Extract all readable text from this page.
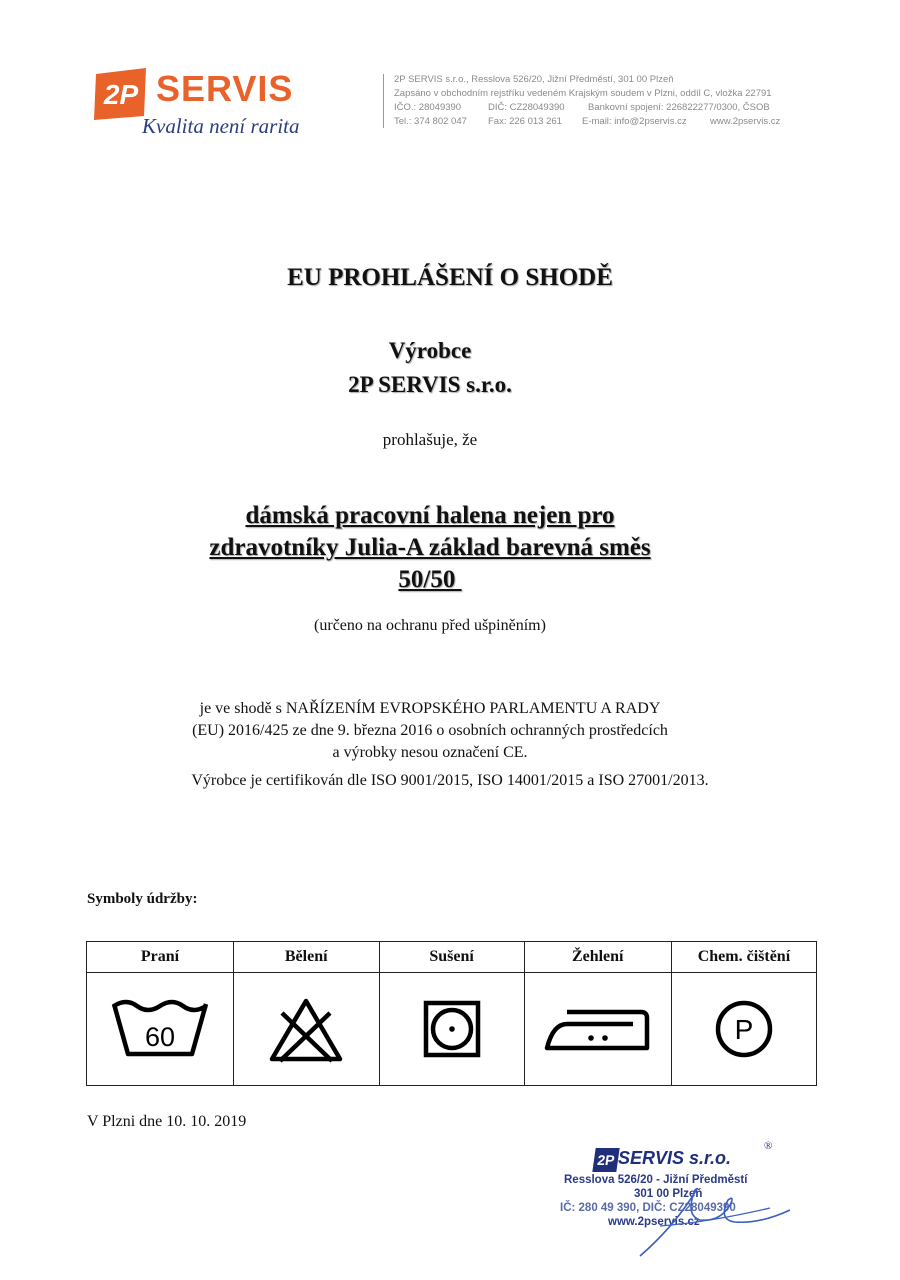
2P SERVIS
Kvalita není rarita
2P SERVIS s.r.o., Resslova 526/20, Jižní Předměstí, 301 00 Plzeň
Zapsáno v obchodním rejstříku vedeném Krajským soudem v Plzni, oddíl C, vložka 22791
IČO.: 28049390	DIČ: CZ28049390 Bankovní spojení: 226822277/0300, ČSOB
Tel.: 374 802 047 Fax: 226 013 261 E-mail: info@2pservis.cz www.2pservis.cz
EU PROHLÁŠENÍ O SHODĚ
Výrobce
2P SERVIS s.r.o.
prohlašuje, že
dámská pracovní halena nejen pro
zdravotníky Julia-A základ barevná směs
50/50
(určeno na ochranu před ušpiněním)
je ve shodě s NAŘÍZENÍM EVROPSKÉHO PARLAMENTU A RADY
(EU) 2016/425 ze dne 9. března 2016 o osobních ochranných prostředcích
a výrobky nesou označení CE.
Výrobce je certifikován dle ISO 9001/2015, ISO 14001/2015 a ISO 27001/2013.
Symboly údržby:
Praní	Bělení	Sušení	Žehlení	Chem. čištění

60				P
V Plzni dne 10. 10. 2019
2P SERVIS s.r.o.
®
Resslova 526/20 - Jižní Předměstí
301 00 Plzeň
IČ: 280 49 390, DIČ: CZ28049390
www.2pservis.cz
